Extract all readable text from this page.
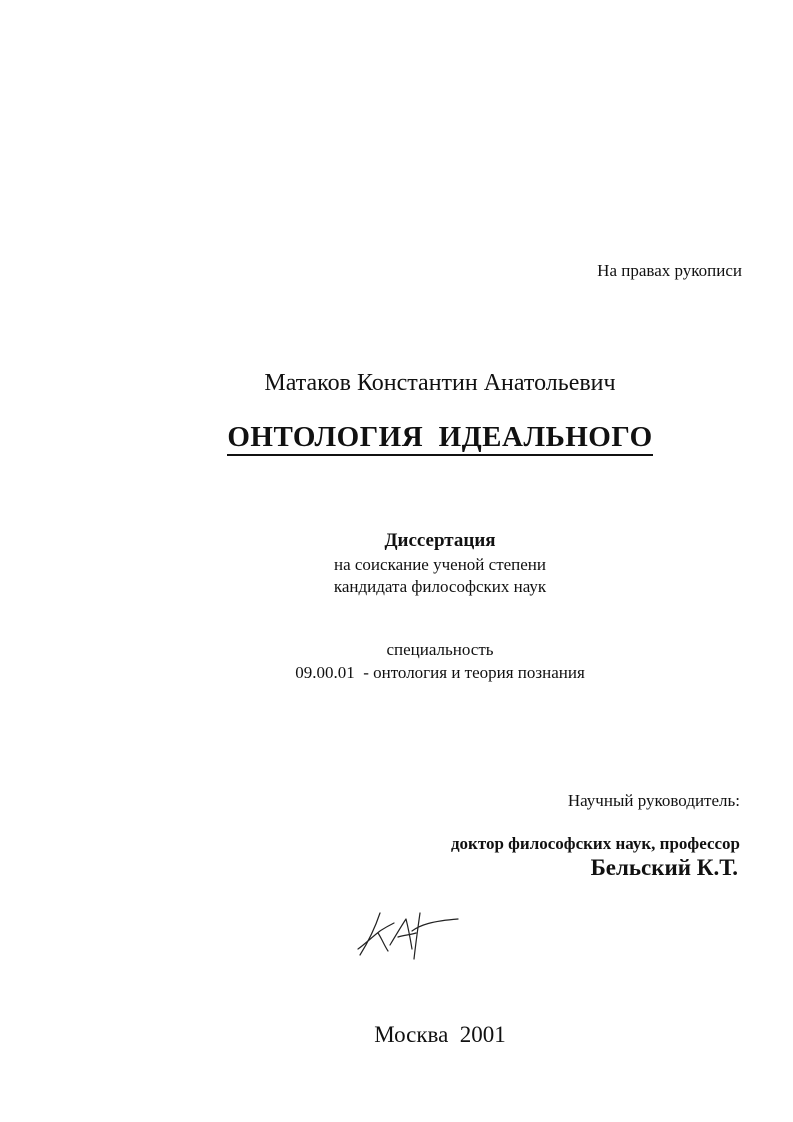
На правах рукописи
Матаков Константин Анатольевич
ОНТОЛОГИЯ  ИДЕАЛЬНОГО
Диссертация
на соискание ученой степени
кандидата философских наук
специальность
09.00.01  - онтология и теория познания
Научный руководитель:
доктор философских наук, профессор
Бельский К.Т.
Москва  2001
